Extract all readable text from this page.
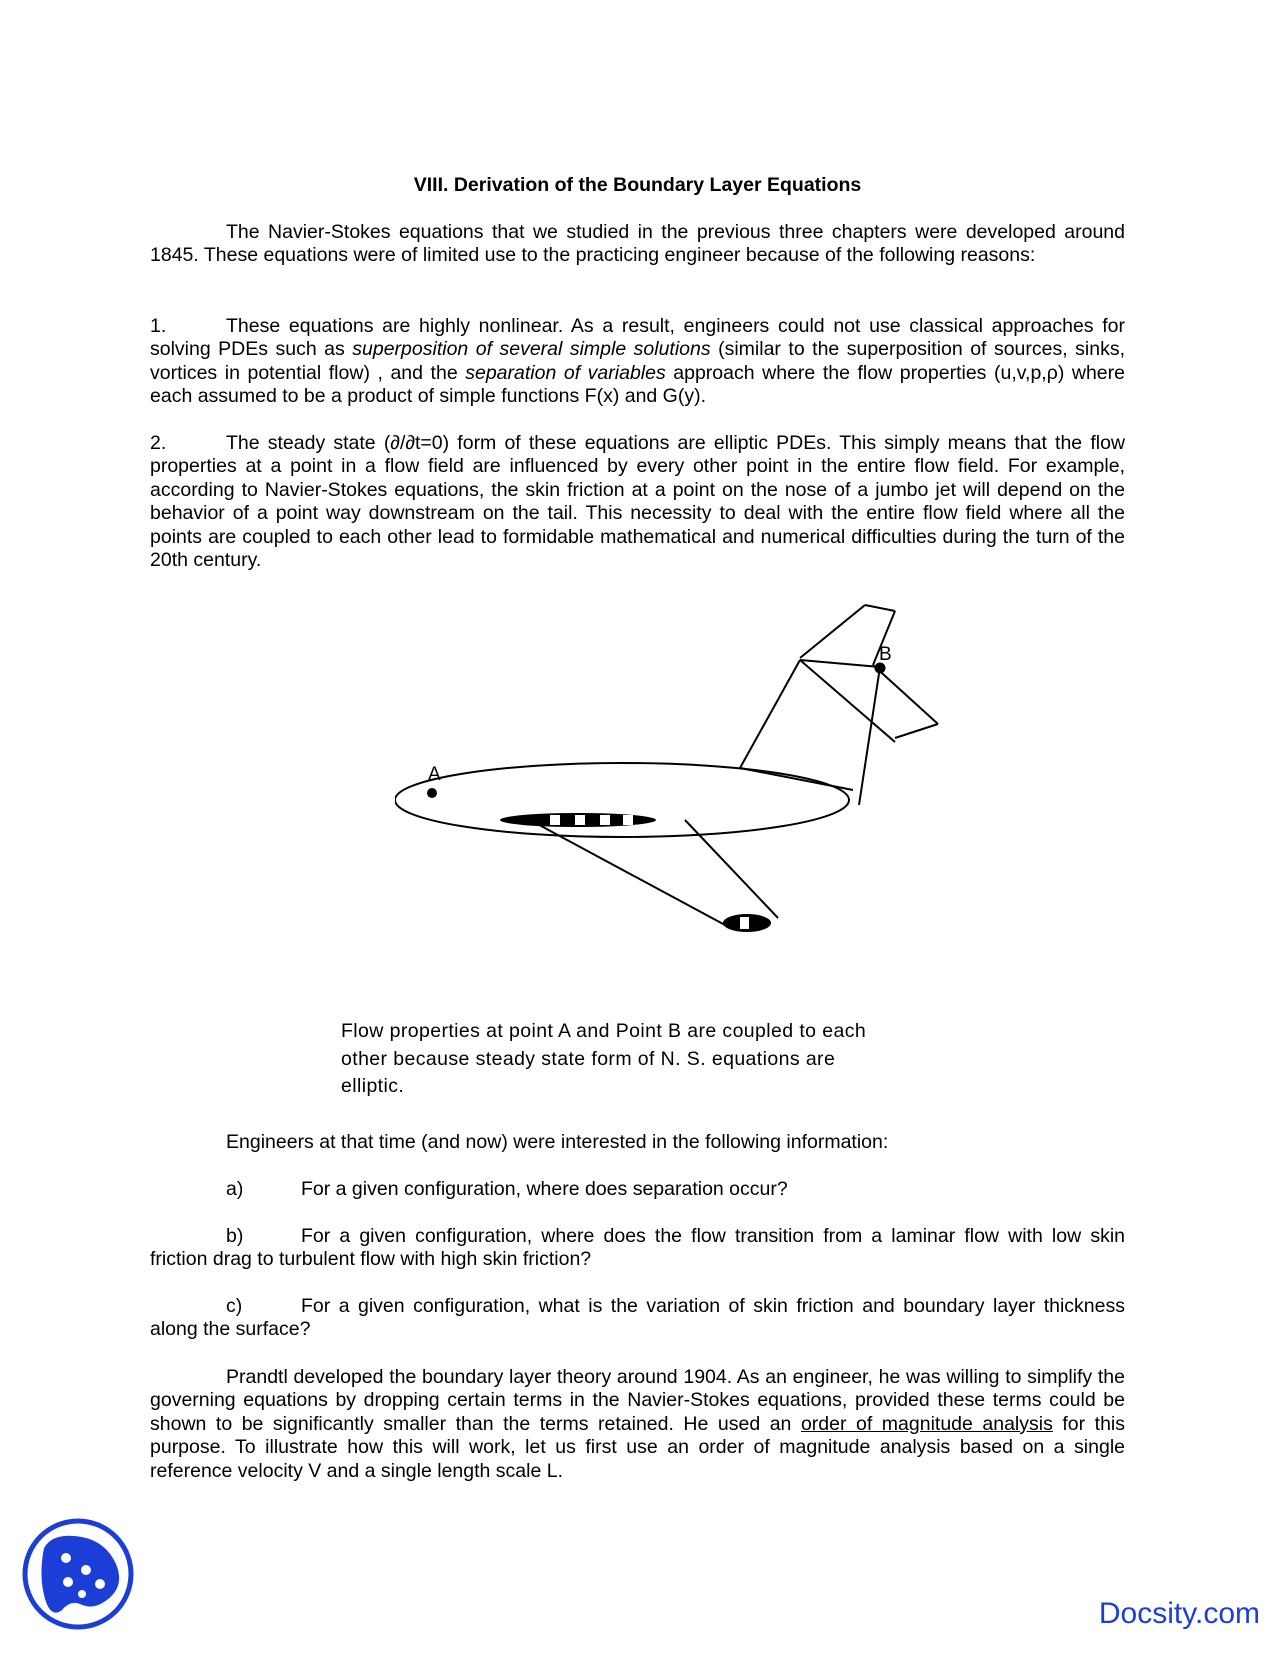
VIII. Derivation of the Boundary Layer Equations
The Navier-Stokes equations that we studied in the previous three chapters were developed around 1845. These equations were of limited use to the practicing engineer because of the following reasons:
1.	These equations are highly nonlinear. As a result, engineers could not use classical approaches for solving PDEs such as superposition of several simple solutions (similar to the superposition of sources, sinks, vortices in potential flow) , and the separation of variables approach where the flow properties (u,v,p,ρ) where each assumed to be a product of simple functions F(x) and G(y).
2.	The steady state (∂/∂t=0) form of these equations are elliptic PDEs. This simply means that the flow properties at a point in a flow field are influenced by every other point in the entire flow field. For example, according to Navier-Stokes equations, the skin friction at a point on the nose of a jumbo jet will depend on the behavior of a point way downstream on the tail. This necessity to deal with the entire flow field where all the points are coupled to each other lead to formidable mathematical and numerical difficulties during the turn of the 20th century.
A
B
Flow properties at point A and Point B are coupled to each
other because steady state form of N. S. equations are
elliptic.
Engineers at that time (and now) were interested in the following information:
a)	For a given configuration, where does separation occur?
b)	For a given configuration, where does the flow transition from a laminar flow with low skin friction drag to turbulent flow with high skin friction?
c)	For a given configuration, what is the variation of skin friction and boundary layer thickness along the surface?
Prandtl developed the boundary layer theory around 1904. As an engineer, he was willing to simplify the governing equations by dropping certain terms in the Navier-Stokes equations, provided these terms could be shown to be significantly smaller than the terms retained. He used an order of magnitude analysis for this purpose. To illustrate how this will work, let us first use an order of magnitude analysis based on a single reference velocity V and a single length scale L.
Docsity.com
